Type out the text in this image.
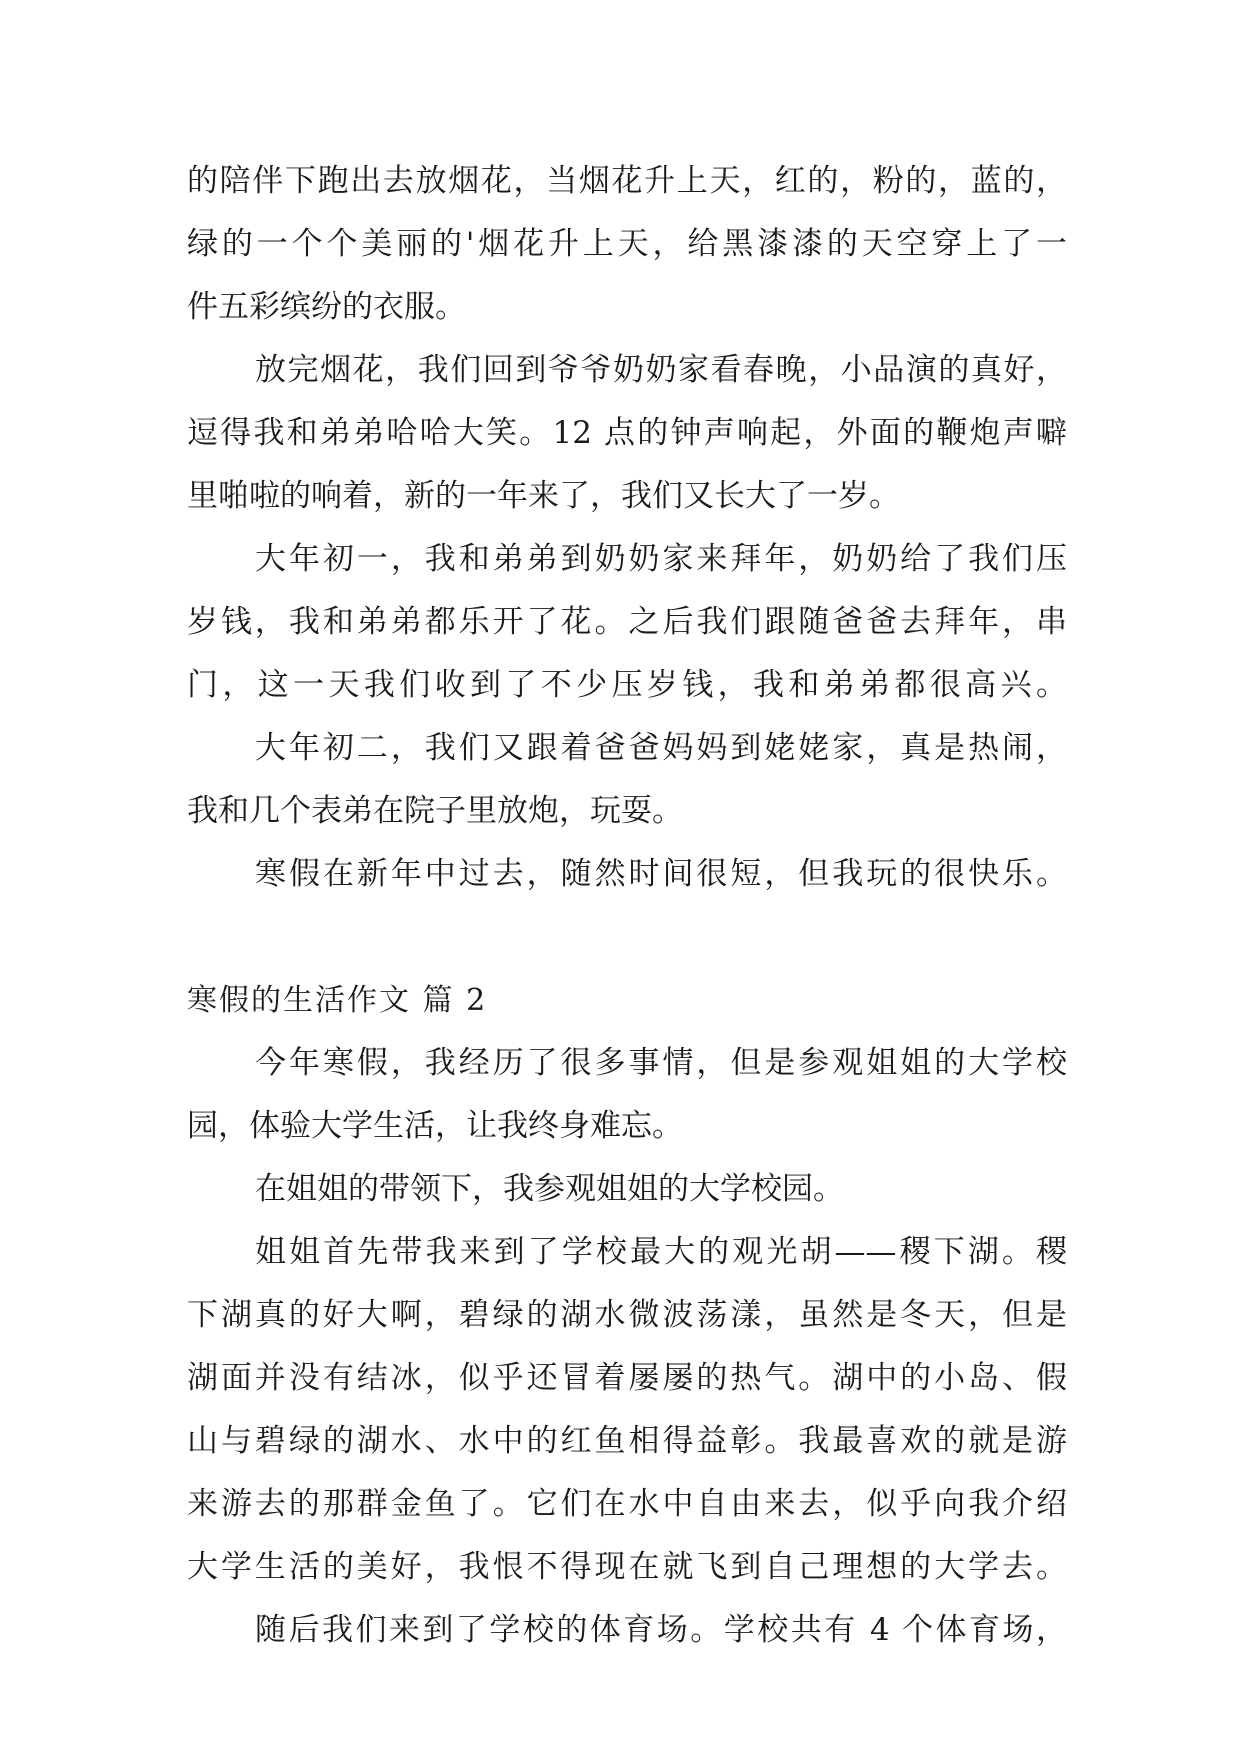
的陪伴下跑出去放烟花，当烟花升上天，红的，粉的，蓝的，
绿的一个个美丽的'烟花升上天，给黑漆漆的天空穿上了一
件五彩缤纷的衣服。
放完烟花，我们回到爷爷奶奶家看春晚，小品演的真好，
逗得我和弟弟哈哈大笑。12 点的钟声响起，外面的鞭炮声噼
里啪啦的响着，新的一年来了，我们又长大了一岁。
大年初一，我和弟弟到奶奶家来拜年，奶奶给了我们压
岁钱，我和弟弟都乐开了花。之后我们跟随爸爸去拜年，串
门，这一天我们收到了不少压岁钱，我和弟弟都很高兴。
大年初二，我们又跟着爸爸妈妈到姥姥家，真是热闹，
我和几个表弟在院子里放炮，玩耍。
寒假在新年中过去，随然时间很短，但我玩的很快乐。
寒假的生活作文 篇 2
今年寒假，我经历了很多事情，但是参观姐姐的大学校
园，体验大学生活，让我终身难忘。
在姐姐的带领下，我参观姐姐的大学校园。
姐姐首先带我来到了学校最大的观光胡——稷下湖。稷
下湖真的好大啊，碧绿的湖水微波荡漾，虽然是冬天，但是
湖面并没有结冰，似乎还冒着屡屡的热气。湖中的小岛、假
山与碧绿的湖水、水中的红鱼相得益彰。我最喜欢的就是游
来游去的那群金鱼了。它们在水中自由来去，似乎向我介绍
大学生活的美好，我恨不得现在就飞到自己理想的大学去。
随后我们来到了学校的体育场。学校共有 4 个体育场，
